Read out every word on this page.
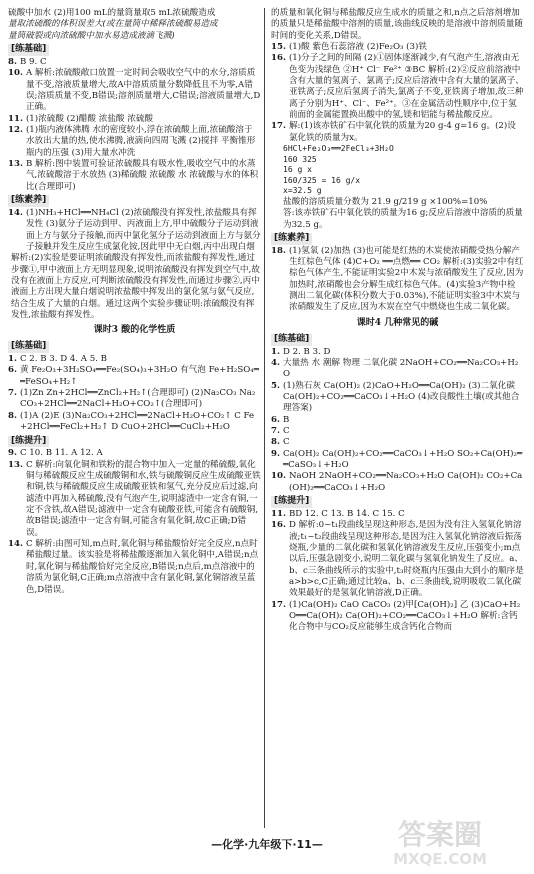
硫酸中加水 (2)用100 mL的量筒量取5 mL浓硫酸造成

量取浓硫酸的体积误差大(或在量筒中稀释浓硫酸易造成

量筒破裂或向浓硫酸中加水易造成液滴飞溅)

[练基础]
8. B 9. C
10. A 解析:浓硫酸敞口放置一定时间会吸收空气中的水分,溶质质量不变,溶液质量增大,故A中溶质质量分数降低且不为零,A错误;溶质质量不变,B错误;溶剂质量增大,C错误;溶液质量增大,D正确。
11. (1)浓硫酸 (2)醋酸 浓盐酸 浓硫酸
12. (1)瓶内液体沸腾 水的密度较小,浮在浓硫酸上面,浓硫酸溶于水放出大量的热,使水沸腾,液滴向四周飞溅 (2)搅拌 平衡锥形瓶内的压强 (3)用大量水冲洗
13. B 解析:图中装置可验证浓硫酸具有吸水性,吸收空气中的水蒸气,浓硫酸溶于水放热 (3)稀硫酸 浓硫酸 水 浓硫酸与水的体积比(合理即可)
[练素养]
14. (1)NH₃+HCl══NH₄Cl (2)浓硫酸没有挥发性,浓盐酸具有挥发性 (3)氨分子运动到甲、丙液面上方,甲中硫酸分子运动到液面上方与氨分子接触,而丙中氯化氢分子运动到液面上方与氨分子接触并发生反应生成氯化铵,因此甲中无白烟,丙中出现白烟
解析:(2)实验是要证明浓硫酸没有挥发性,而浓盐酸有挥发性,通过步骤①,甲中液面上方无明显现象,说明浓硫酸没有挥发到空气中,故没有在液面上方反应,可判断浓硫酸没有挥发性,而通过步骤②,丙中液面上方出现大量白烟说明浓盐酸中挥发出的氯化氢与氨气反应,结合生成了大量的白烟。通过这两个实验步骤证明:浓硫酸没有挥发性,浓盐酸有挥发性。
课时3 酸的化学性质
[练基础]
1. C 2. B 3. D 4. A 5. B
6. 黄 Fe₂O₃+3H₂SO₄══Fe₂(SO₄)₃+3H₂O 有气泡 Fe+H₂SO₄══FeSO₄+H₂↑
7. (1)Zn Zn+2HCl══ZnCl₂+H₂↑(合理即可) (2)Na₂CO₃ Na₂CO₃+2HCl══2NaCl+H₂O+CO₂↑(合理即可)
8. (1)A (2)E (3)Na₂CO₃+2HCl══2NaCl+H₂O+CO₂↑ C Fe+2HCl══FeCl₂+H₂↑ D CuO+2HCl══CuCl₂+H₂O
[练提升]
9. C 10. B 11. A 12. A
13. C 解析:向氧化铜和铁粉的混合物中加入一定量的稀硫酸,氧化铜与稀硫酸反应生成硫酸铜和水,铁与硫酸铜反应生成硫酸亚铁和铜,铁与稀硫酸反应生成硫酸亚铁和氢气,充分反应后过滤,向滤渣中再加入稀硫酸,没有气泡产生,说明滤渣中一定含有铜,一定不含铁,故A错误;滤液中一定含有硫酸亚铁,可能含有硫酸铜,故B错误;滤渣中一定含有铜,可能含有氧化铜,故C正确;D错误。
14. C 解析:由图可知,m点时,氧化铜与稀盐酸恰好完全反应,n点时稀盐酸过量。该实验是将稀盐酸逐渐加入氧化铜中,A错误;n点时,氧化铜与稀盐酸恰好完全反应,B错误;n点后,m点溶液中的溶质为氯化铜,C正确;m点溶液中含有氯化铜,氯化铜溶液呈蓝色,D错误。

的质量和氧化铜与稀盐酸反应生成水的质量之和,n点之后溶剂增加的质量只是稀盐酸中溶剂的质量,该曲线反映的是溶液中溶剂质量随时间的变化关系,D错误。

15. (1)酸 紫色石蕊溶液 (2)Fe₂O₃ (3)铁
16. (1)分子之间的间隔 (2)①固体逐渐减少,有气泡产生,溶液由无色变为浅绿色 ②H⁺ Cl⁻ Fe²⁺ ③BC 解析:(2)②反应前溶液中含有大量的氢离子、氯离子;反应后溶液中含有大量的氯离子、亚铁离子;反应后氢离子消失,氯离子不变,亚铁离子增加,故三种离子分别为H⁺、Cl⁻、Fe²⁺。③在金属活动性顺序中,位于氢前面的金属能置换出酸中的氢,镁和铝能与稀盐酸反应。
17. 解:(1)该赤铁矿石中氧化铁的质量为20 g-4 g=16 g。(2)设氯化铁的质量为x。

6HCl+Fe₂O₃══2FeCl₃+3H₂O

160 325

16 g x

160/325 = 16 g/x

x=32.5 g

盐酸的溶质质量分数为 21.9 g/219 g ×100%=10%

答:该赤铁矿石中氧化铁的质量为16 g;反应后溶液中溶质的质量为32.5 g。

[练素养]
18. (1)氢氧 (2)加热 (3)也可能是红热的木炭使浓硝酸受热分解产生红棕色气体 (4)C+O₂ ══点燃══ CO₂ 解析:(3)实验2中有红棕色气体产生,不能证明实验2中木炭与浓硝酸发生了反应,因为加热时,浓硝酸也会分解生成红棕色气体。(4)实验3产物中检测出二氧化碳(体积分数大于0.03%),不能证明实验3中木炭与浓硝酸发生了反应,因为木炭在空气中燃烧也生成二氧化碳。
课时4 几种常见的碱
[练基础]
1. D 2. B 3. D
4. 大量热 水 潮解 物理 二氧化碳 2NaOH+CO₂══Na₂CO₃+H₂O
5. (1)熟石灰 Ca(OH)₂ (2)CaO+H₂O══Ca(OH)₂ (3)二氧化碳 Ca(OH)₂+CO₂══CaCO₃↓+H₂O (4)改良酸性土壤(或其他合理答案)
6. B
7. C
8. C
9. Ca(OH)₂ Ca(OH)₂+CO₂══CaCO₃↓+H₂O SO₂+Ca(OH)₂══CaSO₃↓+H₂O
10. NaOH 2NaOH+CO₂══Na₂CO₃+H₂O Ca(OH)₂ CO₂+Ca(OH)₂══CaCO₃↓+H₂O
[练提升]
11. BD 12. C 13. B 14. C 15. C
16. D 解析:0~t₁段曲线呈现这种形态,是因为没有注入氢氧化钠溶液;t₁~t₂段曲线呈现这种形态,是因为注入氢氧化钠溶液后振荡烧瓶,少量的二氧化碳和氢氧化钠溶液发生反应,压强变小;m点以后,压强急剧变小,说明二氧化碳与氢氧化钠发生了反应。a、b、c三条曲线所示的实验中,t₃时烧瓶内压强由大到小的顺序是a>b>c,C正确;通过比较a、b、c三条曲线,说明吸收二氧化碳效果最好的是氢氧化钠溶液,D正确。
17. (1)Ca(OH)₂ CaO CaCO₃ (2)甲[Ca(OH)₂] 乙 (3)CaO+H₂O══Ca(OH)₂ Ca(OH)₂+CO₂══CaCO₃↓+H₂O 解析:含钙化合物中与CO₂反应能够生成含钙化合物而
—化学·九年级下·11—	答案圈
MXQE.COM
